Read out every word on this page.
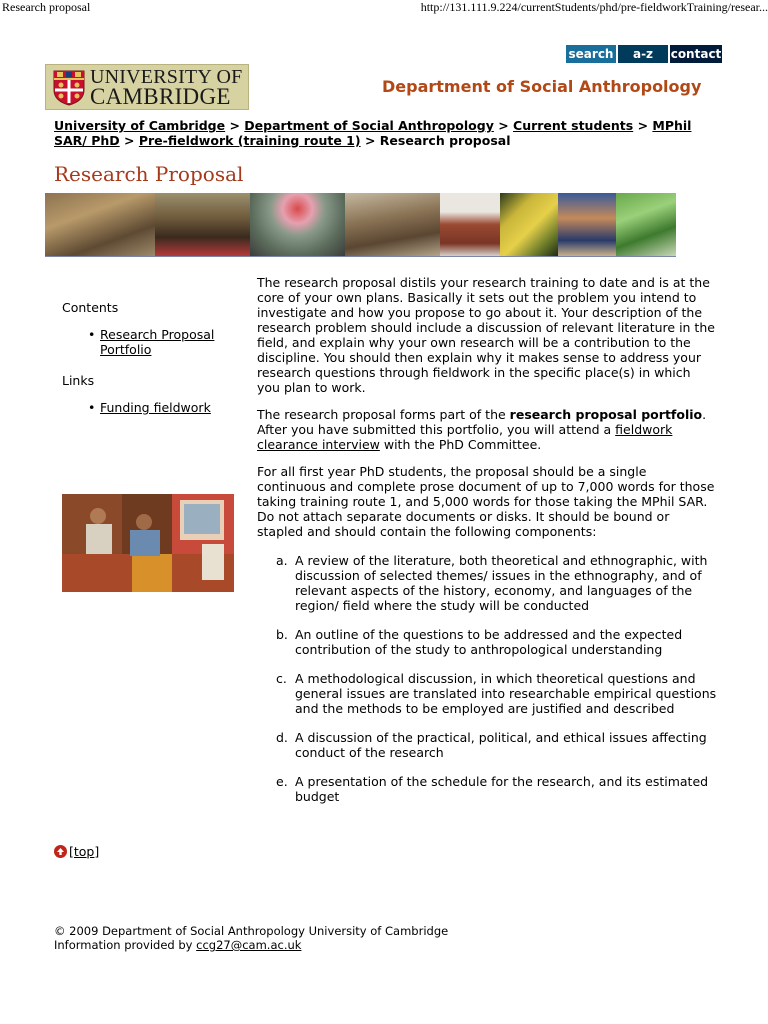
Research proposal	http://131.111.9.224/currentStudents/phd/pre-fieldworkTraining/resear...
search	a-z	contact
UNIVERSITY OF
CAMBRIDGE	Department of Social Anthropology
University of Cambridge > Department of Social Anthropology > Current students > MPhil SAR/ PhD > Pre-fieldwork (training route 1) > Research proposal
Research Proposal
Contents
• Research Proposal Portfolio
Links
• Funding fieldwork

The research proposal distils your research training to date and is at the core of your own plans. Basically it sets out the problem you intend to investigate and how you propose to go about it. Your description of the research problem should include a discussion of relevant literature in the field, and explain why your own research will be a contribution to the discipline. You should then explain why it makes sense to address your research questions through fieldwork in the specific place(s) in which you plan to work.

The research proposal forms part of the research proposal portfolio. After you have submitted this portfolio, you will attend a fieldwork clearance interview with the PhD Committee.

For all first year PhD students, the proposal should be a single continuous and complete prose document of up to 7,000 words for those taking training route 1, and 5,000 words for those taking the MPhil SAR. Do not attach separate documents or disks. It should be bound or stapled and should contain the following components:

a. A review of the literature, both theoretical and ethnographic, with discussion of selected themes/ issues in the ethnography, and of relevant aspects of the history, economy, and languages of the region/ field where the study will be conducted
b. An outline of the questions to be addressed and the expected contribution of the study to anthropological understanding
c. A methodological discussion, in which theoretical questions and general issues are translated into researchable empirical questions and the methods to be employed are justified and described
d. A discussion of the practical, political, and ethical issues affecting conduct of the research
e. A presentation of the schedule for the research, and its estimated budget
[top]
© 2009 Department of Social Anthropology University of Cambridge
Information provided by ccg27@cam.ac.uk
